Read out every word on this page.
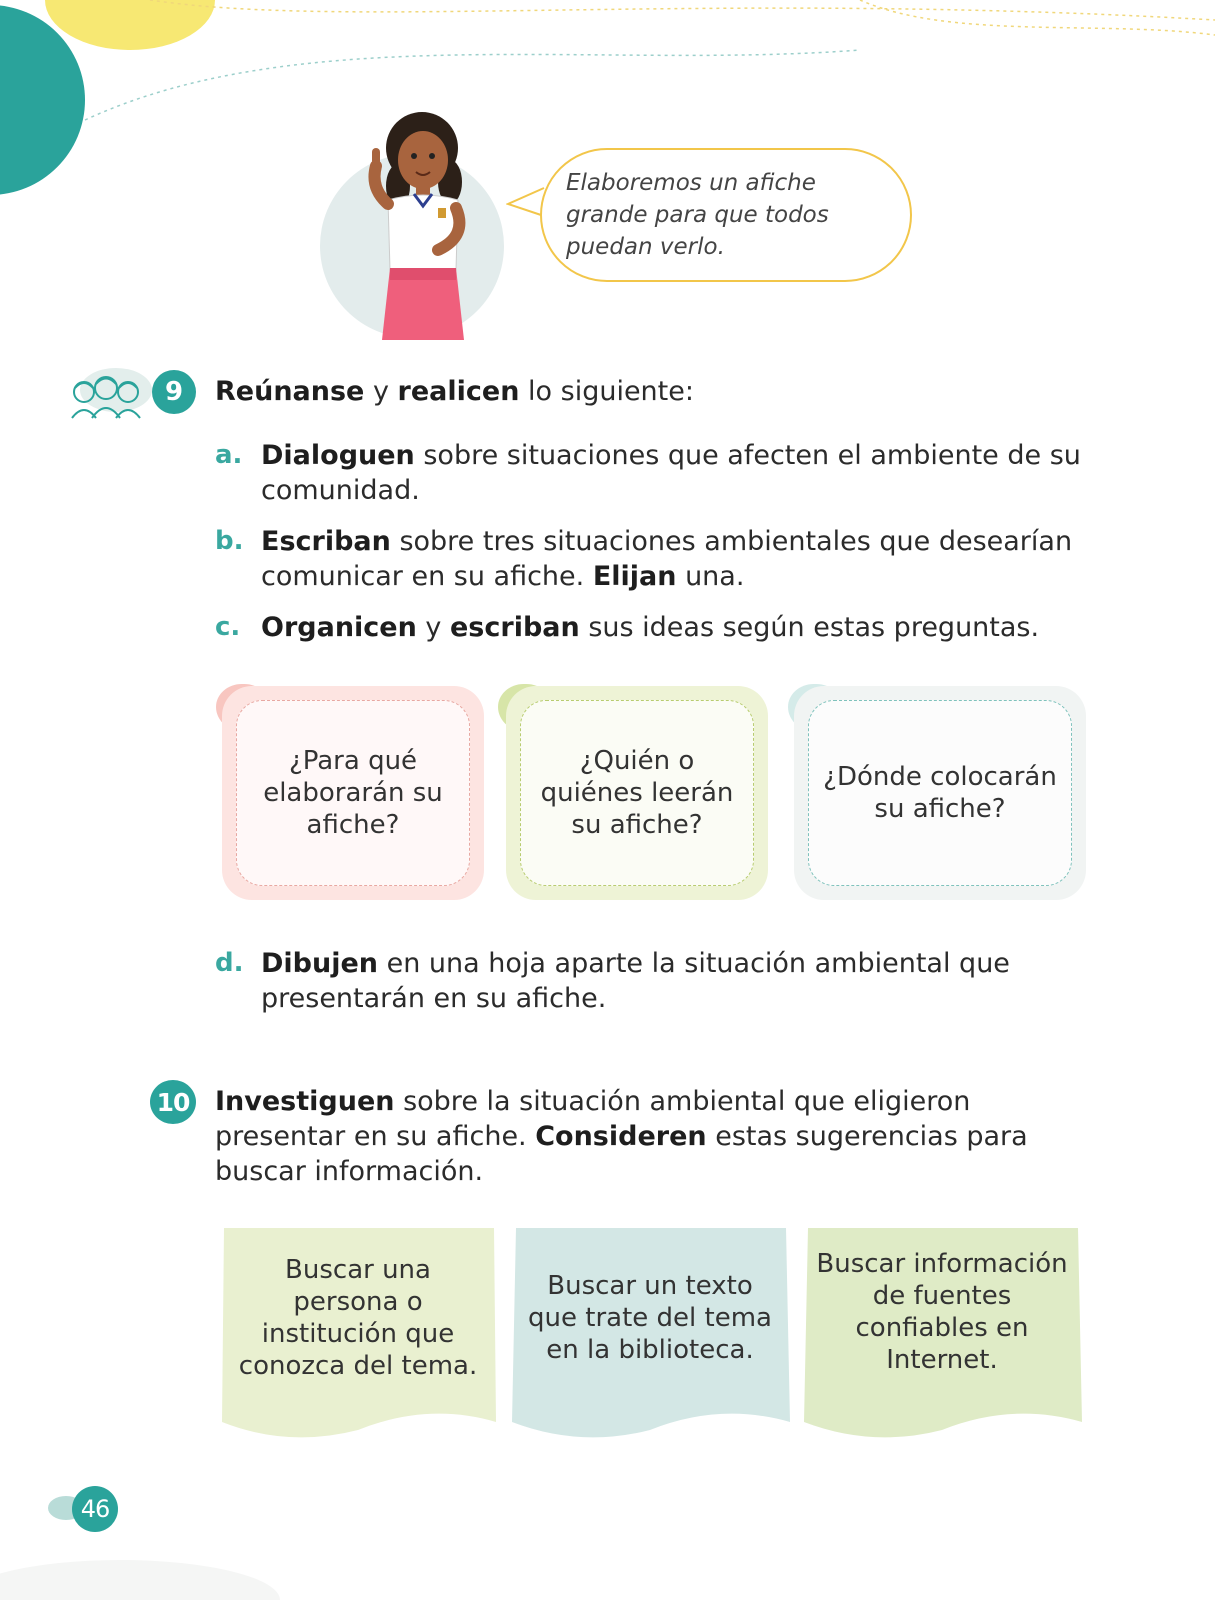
Elaboremos un afiche grande para que todos puedan verlo.
9	Reúnanse y realicen lo siguiente:
a. Dialoguen sobre situaciones que afecten el ambiente de su comunidad.
b. Escriban sobre tres situaciones ambientales que desearían comunicar en su afiche. Elijan una.
c. Organicen y escriban sus ideas según estas preguntas.
¿Para qué elaborarán su afiche?
¿Quién o quiénes leerán su afiche?
¿Dónde colocarán su afiche?
d. Dibujen en una hoja aparte la situación ambiental que presentarán en su afiche.
10 Investiguen sobre la situación ambiental que eligieron presentar en su afiche. Consideren estas sugerencias para buscar información.
Buscar una persona o institución que conozca del tema.
Buscar un texto que trate del tema en la biblioteca.
Buscar información de fuentes confiables en Internet.
46
